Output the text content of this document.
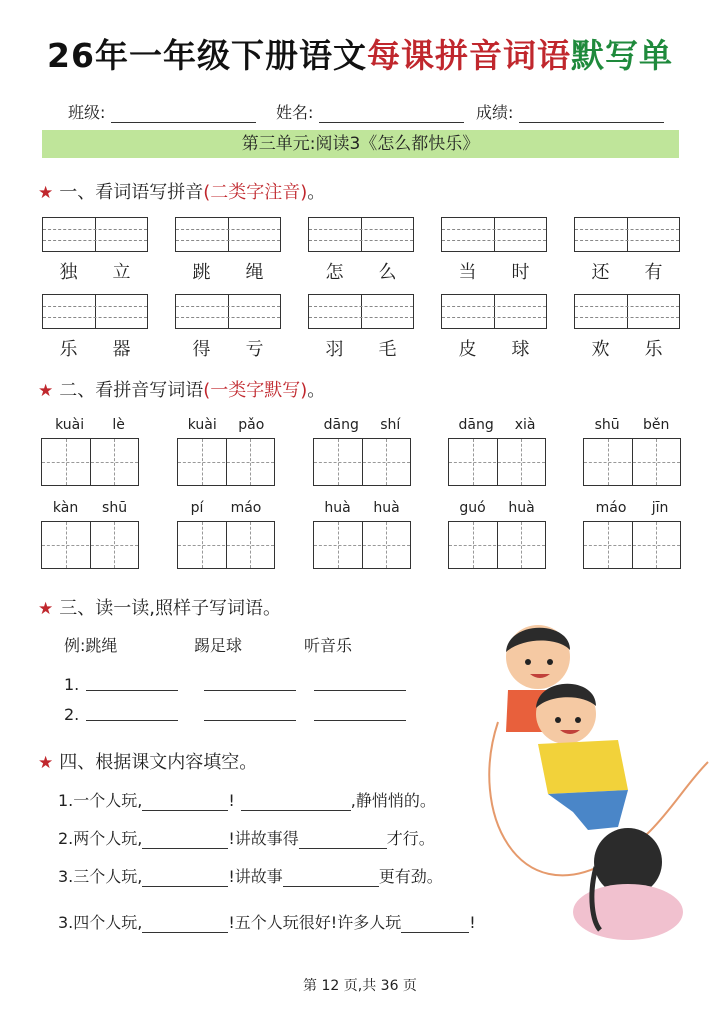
26年一年级下册语文每课拼音词语默写单
班级:	姓名:	成绩:
第三单元:阅读3《怎么都快乐》
★ 一、看词语写拼音(二类字注音)。
独 立	跳 绳	怎 么	当 时	还 有
乐 器	得 亏	羽 毛	皮 球	欢 乐
★ 二、看拼音写词语(一类字默写)。
kuài lè	kuài pǎo	dāng shí	dāng xià	shū běn
kàn shū	pí máo	huà huà	guó huà	máo jīn
★ 三、读一读,照样子写词语。
例:跳绳	踢足球	听音乐
1.
2.
★ 四、根据课文内容填空。
1.一个人玩,	!	,静悄悄的。
2.两个人玩,	!讲故事得	才行。
3.三个人玩,	!讲故事	更有劲。
3.四个人玩,	!五个人玩很好!许多人玩	!
第 12 页,共 36 页
